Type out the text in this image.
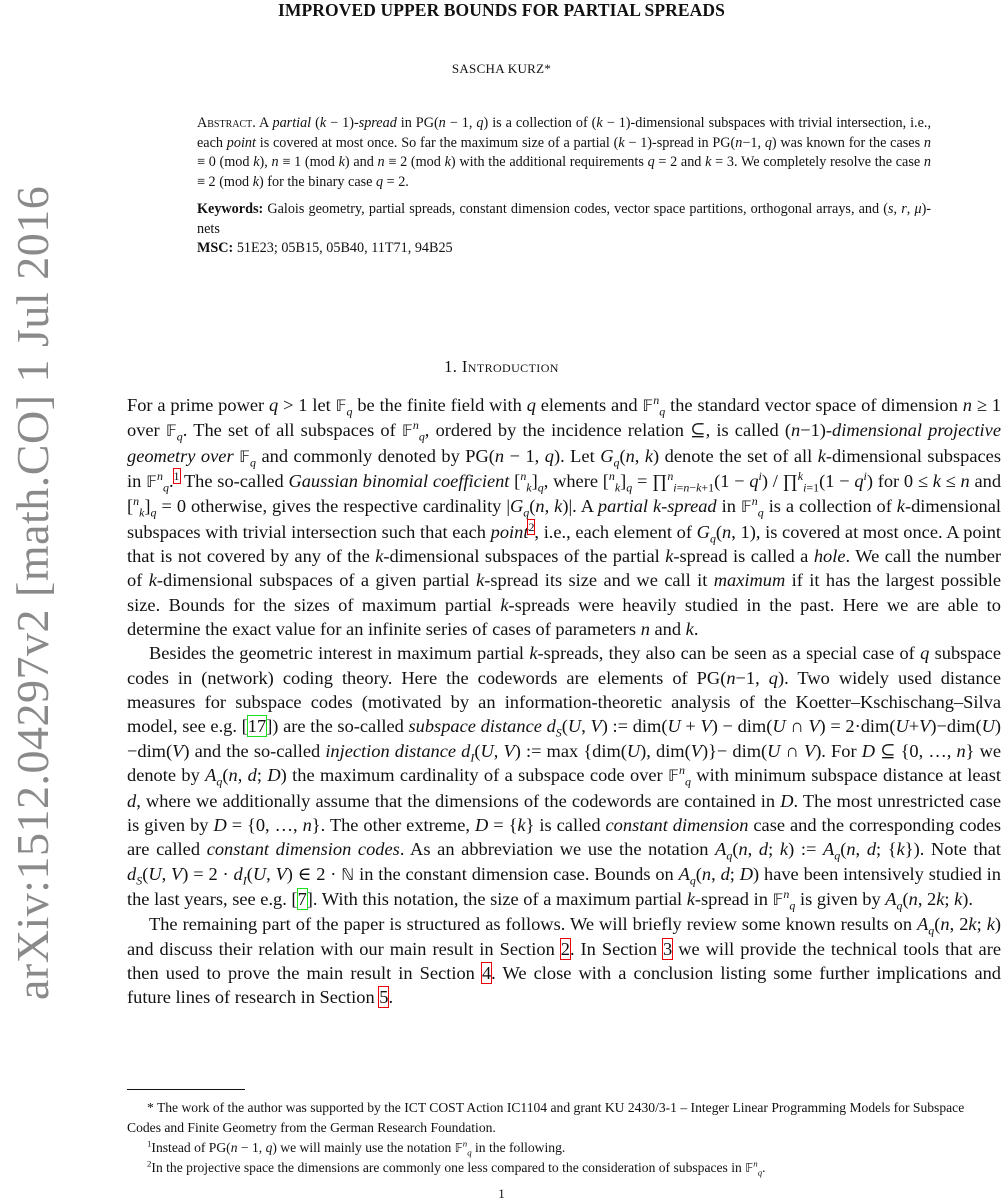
IMPROVED UPPER BOUNDS FOR PARTIAL SPREADS
SASCHA KURZ*
arXiv:1512.04297v2 [math.CO] 1 Jul 2016
Abstract. A partial (k − 1)-spread in PG(n − 1, q) is a collection of (k − 1)-dimensional subspaces with trivial intersection, i.e., each point is covered at most once. So far the maximum size of a partial (k − 1)-spread in PG(n−1, q) was known for the cases n ≡ 0 (mod k), n ≡ 1 (mod k) and n ≡ 2 (mod k) with the additional requirements q = 2 and k = 3. We completely resolve the case n ≡ 2 (mod k) for the binary case q = 2.
Keywords: Galois geometry, partial spreads, constant dimension codes, vector space partitions, orthogonal arrays, and (s, r, μ)-nets
MSC: 51E23; 05B15, 05B40, 11T71, 94B25
1. Introduction

For a prime power q > 1 let 𝔽$_q$ be the finite field with q elements and 𝔽$^n_q$ the standard vector space of dimension n ≥ 1 over 𝔽$_q$. The set of all subspaces of 𝔽$^n_q$, ordered by the incidence relation ⊆, is called (n−1)-dimensional projective geometry over 𝔽$_q$ and commonly denoted by PG(n − 1, q). Let $G_q(n$, k) denote the set of all k-dimensional subspaces in 𝔽$^n_q$.$^1$ The so-called Gaussian binomial coefficient $[^n_k]_q$, where $[^n_k]_q$ = ∏$^n_{i=n-k+1}$(1 − $q^i$) / ∏$^k_{i=1}$(1 − $q^i$) for 0 ≤ k ≤ n and $[^n_k]_q = 0$ otherwise, gives the respective cardinality $|G_q(n$, k)|. A partial k-spread in 𝔽$^n_q$ is a collection of k-dimensional subspaces with trivial intersection such that each point$^2$, i.e., each element of $G_q(n$, 1), is covered at most once. A point that is not covered by any of the k-dimensional subspaces of the partial k-spread is called a hole. We call the number of k-dimensional subspaces of a given partial k-spread its size and we call it maximum if it has the largest possible size. Bounds for the sizes of maximum partial k-spreads were heavily studied in the past. Here we are able to determine the exact value for an infinite series of cases of parameters n and k.

Besides the geometric interest in maximum partial k-spreads, they also can be seen as a special case of q subspace codes in (network) coding theory. Here the codewords are elements of PG(n−1, q). Two widely used distance measures for subspace codes (motivated by an information-theoretic analysis of the Koetter–Kschischang–Silva model, see e.g. [17]) are the so-called subspace distance $d_S(U$, V) := dim(U + V) − dim(U ∩ V) = 2·dim(U+V)−dim(U)−dim(V) and the so-called injection distance $d_I(U$, V) := max {dim(U), dim(V)}− dim(U ∩ V). For D ⊆ {0, …, n} we denote by $A_q(n$, d; D) the maximum cardinality of a subspace code over 𝔽$^n_q$ with minimum subspace distance at least d, where we additionally assume that the dimensions of the codewords are contained in D. The most unrestricted case is given by D = {0, …, n}. The other extreme, D = {k} is called constant dimension case and the corresponding codes are called constant dimension codes. As an abbreviation we use the notation $A_q(n$, d; k) := $A_q(n$, d; {k}). Note that $d_S(U$, $V) = 2 \cdot d_I(U$, V) ∈ 2 · ℕ in the constant dimension case. Bounds on $A_q(n$, d; D) have been intensively studied in the last years, see e.g. [7]. With this notation, the size of a maximum partial k-spread in 𝔽$^n_q$ is given by $A_q(n$, 2k; k).

The remaining part of the paper is structured as follows. We will briefly review some known results on $A_q(n$, 2k; k) and discuss their relation with our main result in Section 2. In Section 3 we will provide the technical tools that are then used to prove the main result in Section 4. We close with a conclusion listing some further implications and future lines of research in Section 5.

* The work of the author was supported by the ICT COST Action IC1104 and grant KU 2430/3-1 – Integer Linear Programming Models for Subspace Codes and Finite Geometry from the German Research Foundation.

$^1$Instead of PG(n − 1, q) we will mainly use the notation 𝔽$^n_q$ in the following.

$^2$In the projective space the dimensions are commonly one less compared to the consideration of subspaces in 𝔽$^n_q$.

1
